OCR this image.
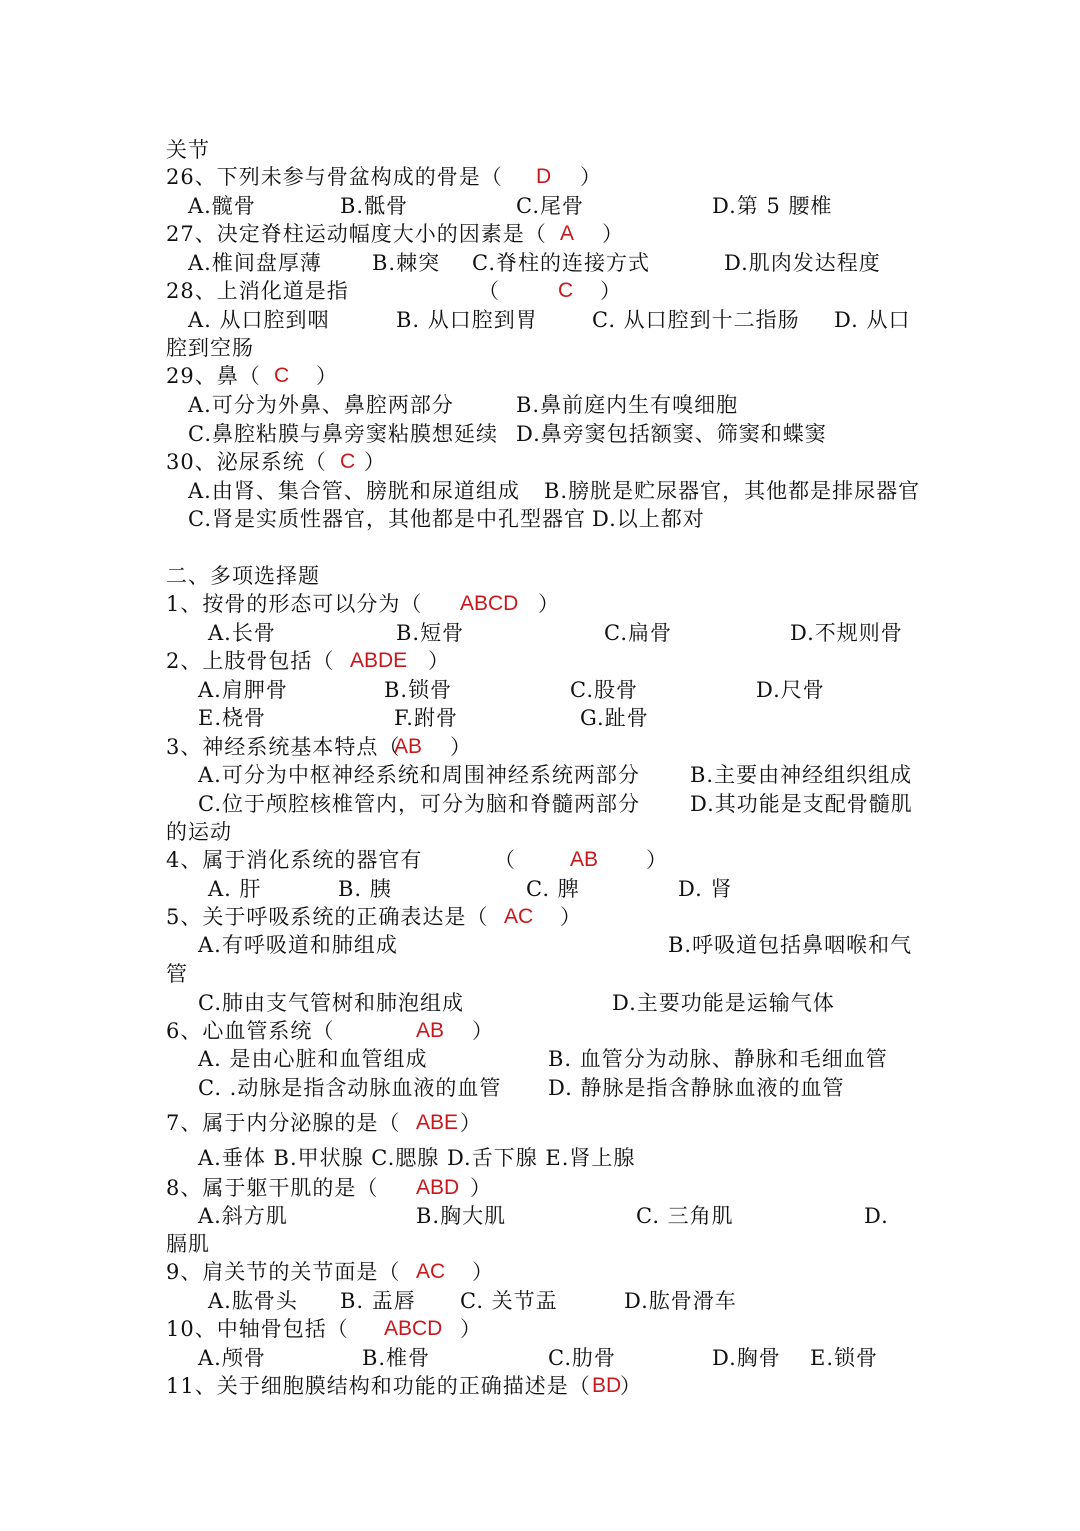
关节
26、下列未参与骨盆构成的骨是（ D ）
A.髋骨	B.骶骨	C.尾骨	D.第 5 腰椎
27、决定脊柱运动幅度大小的因素是（ A ）
A.椎间盘厚薄 B.棘突 C.脊柱的连接方式	D.肌肉发达程度
28、上消化道是指	（	C ）
A. 从口腔到咽	B. 从口腔到胃	C. 从口腔到十二指肠 D. 从口
腔到空肠
29、鼻（ C ）
A.可分为外鼻、鼻腔两部分	B.鼻前庭内生有嗅细胞
C.鼻腔粘膜与鼻旁窦粘膜想延续 D.鼻旁窦包括额窦、筛窦和蝶窦
30、泌尿系统（ C ）
A.由肾、集合管、膀胱和尿道组成 B.膀胱是贮尿器官，其他都是排尿器官
C.肾是实质性器官，其他都是中孔型器官 D.以上都对
二、多项选择题
1、按骨的形态可以分为（ ABCD ）
A.长骨	B.短骨	C.扁骨	D.不规则骨
2、上肢骨包括（ ABDE ）
A.肩胛骨	B.锁骨	C.股骨	D.尺骨
E.桡骨	F.跗骨	G.趾骨
3、神经系统基本特点（
AB ）
A.可分为中枢神经系统和周围神经系统两部分 B.主要由神经组织组成
C.位于颅腔核椎管内，可分为脑和脊髓两部分 D.其功能是支配骨髓肌
的运动
4、属于消化系统的器官有	（	AB ）
A. 肝	B. 胰	C. 脾	D. 肾
5、关于呼吸系统的正确表达是（ AC ）
A.有呼吸道和肺组成	B.呼吸道包括鼻咽喉和气
管
C.肺由支气管树和肺泡组成	D.主要功能是运输气体
6、心血管系统（	AB ）
A. 是由心脏和血管组成	B. 血管分为动脉、静脉和毛细血管
C. .动脉是指含动脉血液的血管 D. 静脉是指含静脉血液的血管
7、属于内分泌腺的是（ ABE ）
A.垂体 B.甲状腺 C.腮腺 D.舌下腺 E.肾上腺
8、属于躯干肌的是（ ABD ）
A.斜方肌	B.胸大肌	C. 三角肌	D.
膈肌
9、肩关节的关节面是（ AC ）
A.肱骨头 B. 盂唇 C. 关节盂	D.肱骨滑车
10、中轴骨包括（ ABCD ）
A.颅骨	B.椎骨	C.肋骨	D.胸骨 E.锁骨
11、关于细胞膜结构和功能的正确描述是（ BD
）
